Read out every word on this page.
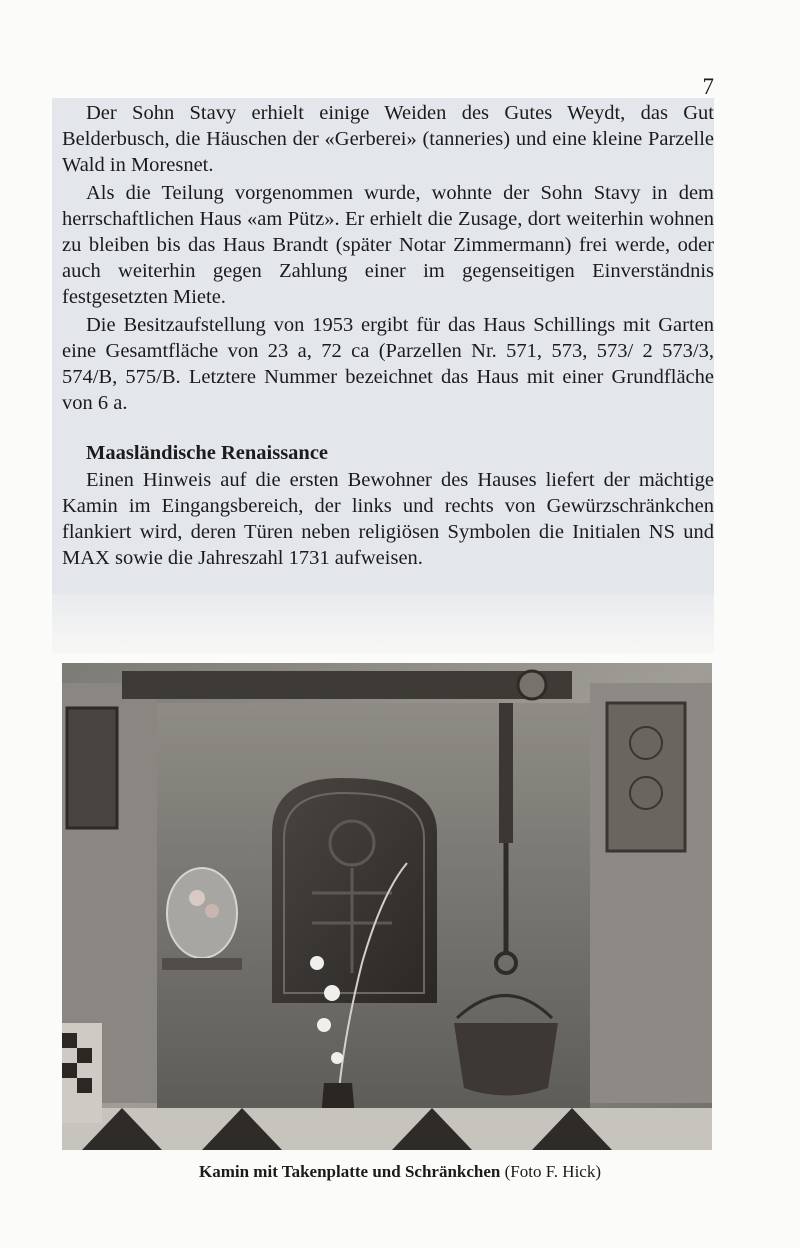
7

Der Sohn Stavy erhielt einige Weiden des Gutes Weydt, das Gut Belderbusch, die Häuschen der «Gerberei» (tanneries) und eine kleine Parzelle Wald in Moresnet.

Als die Teilung vorgenommen wurde, wohnte der Sohn Stavy in dem herrschaftlichen Haus «am Pütz». Er erhielt die Zusage, dort weiterhin wohnen zu bleiben bis das Haus Brandt (später Notar Zimmermann) frei werde, oder auch weiterhin gegen Zahlung einer im gegenseitigen Einverständnis festgesetzten Miete.

Die Besitzaufstellung von 1953 ergibt für das Haus Schillings mit Garten eine Gesamtfläche von 23 a, 72 ca (Parzellen Nr. 571, 573, 573/ 2 573/3, 574/B, 575/B. Letztere Nummer bezeichnet das Haus mit einer Grundfläche von 6 a.

Maasländische Renaissance

Einen Hinweis auf die ersten Bewohner des Hauses liefert der mächtige Kamin im Eingangsbereich, der links und rechts von Gewürzschränkchen flankiert wird, deren Türen neben religiösen Symbolen die Initialen NS und MAX sowie die Jahreszahl 1731 aufweisen.

Kamin mit Takenplatte und Schränkchen (Foto F. Hick)
